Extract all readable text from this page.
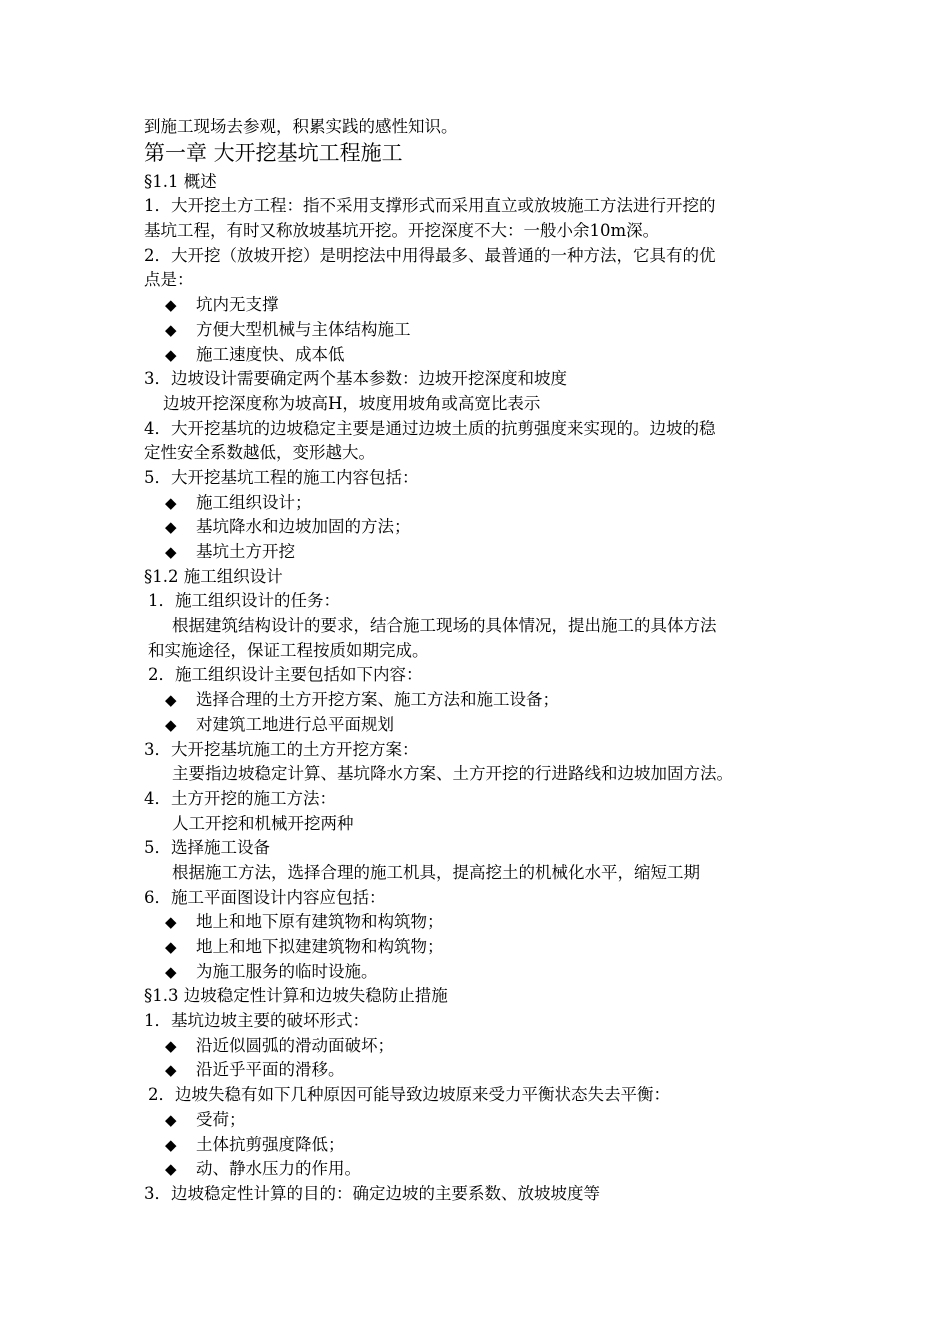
到施工现场去参观，积累实践的感性知识。
第一章 大开挖基坑工程施工
§1.1 概述
1．大开挖土方工程：指不采用支撑形式而采用直立或放坡施工方法进行开挖的
基坑工程，有时又称放坡基坑开挖。开挖深度不大：一般小余10m深。
2．大开挖（放坡开挖）是明挖法中用得最多、最普通的一种方法，它具有的优
点是：
◆ 坑内无支撑
◆ 方便大型机械与主体结构施工
◆ 施工速度快、成本低
3．边坡设计需要确定两个基本参数：边坡开挖深度和坡度
边坡开挖深度称为坡高H，坡度用坡角或高宽比表示
4．大开挖基坑的边坡稳定主要是通过边坡土质的抗剪强度来实现的。边坡的稳
定性安全系数越低，变形越大。
5．大开挖基坑工程的施工内容包括：
◆ 施工组织设计；
◆ 基坑降水和边坡加固的方法；
◆ 基坑土方开挖
§1.2 施工组织设计
1．施工组织设计的任务：
根据建筑结构设计的要求，结合施工现场的具体情况，提出施工的具体方法
和实施途径，保证工程按质如期完成。
2．施工组织设计主要包括如下内容：
◆ 选择合理的土方开挖方案、施工方法和施工设备；
◆ 对建筑工地进行总平面规划
3．大开挖基坑施工的土方开挖方案：
主要指边坡稳定计算、基坑降水方案、土方开挖的行进路线和边坡加固方法。
4．土方开挖的施工方法：
人工开挖和机械开挖两种
5．选择施工设备
根据施工方法，选择合理的施工机具，提高挖土的机械化水平，缩短工期
6．施工平面图设计内容应包括：
◆ 地上和地下原有建筑物和构筑物；
◆ 地上和地下拟建建筑物和构筑物；
◆ 为施工服务的临时设施。
§1.3 边坡稳定性计算和边坡失稳防止措施
1．基坑边坡主要的破坏形式：
◆ 沿近似圆弧的滑动面破坏；
◆ 沿近乎平面的滑移。
2．边坡失稳有如下几种原因可能导致边坡原来受力平衡状态失去平衡：
◆ 受荷；
◆ 土体抗剪强度降低；
◆ 动、静水压力的作用。
3．边坡稳定性计算的目的：确定边坡的主要系数、放坡坡度等
